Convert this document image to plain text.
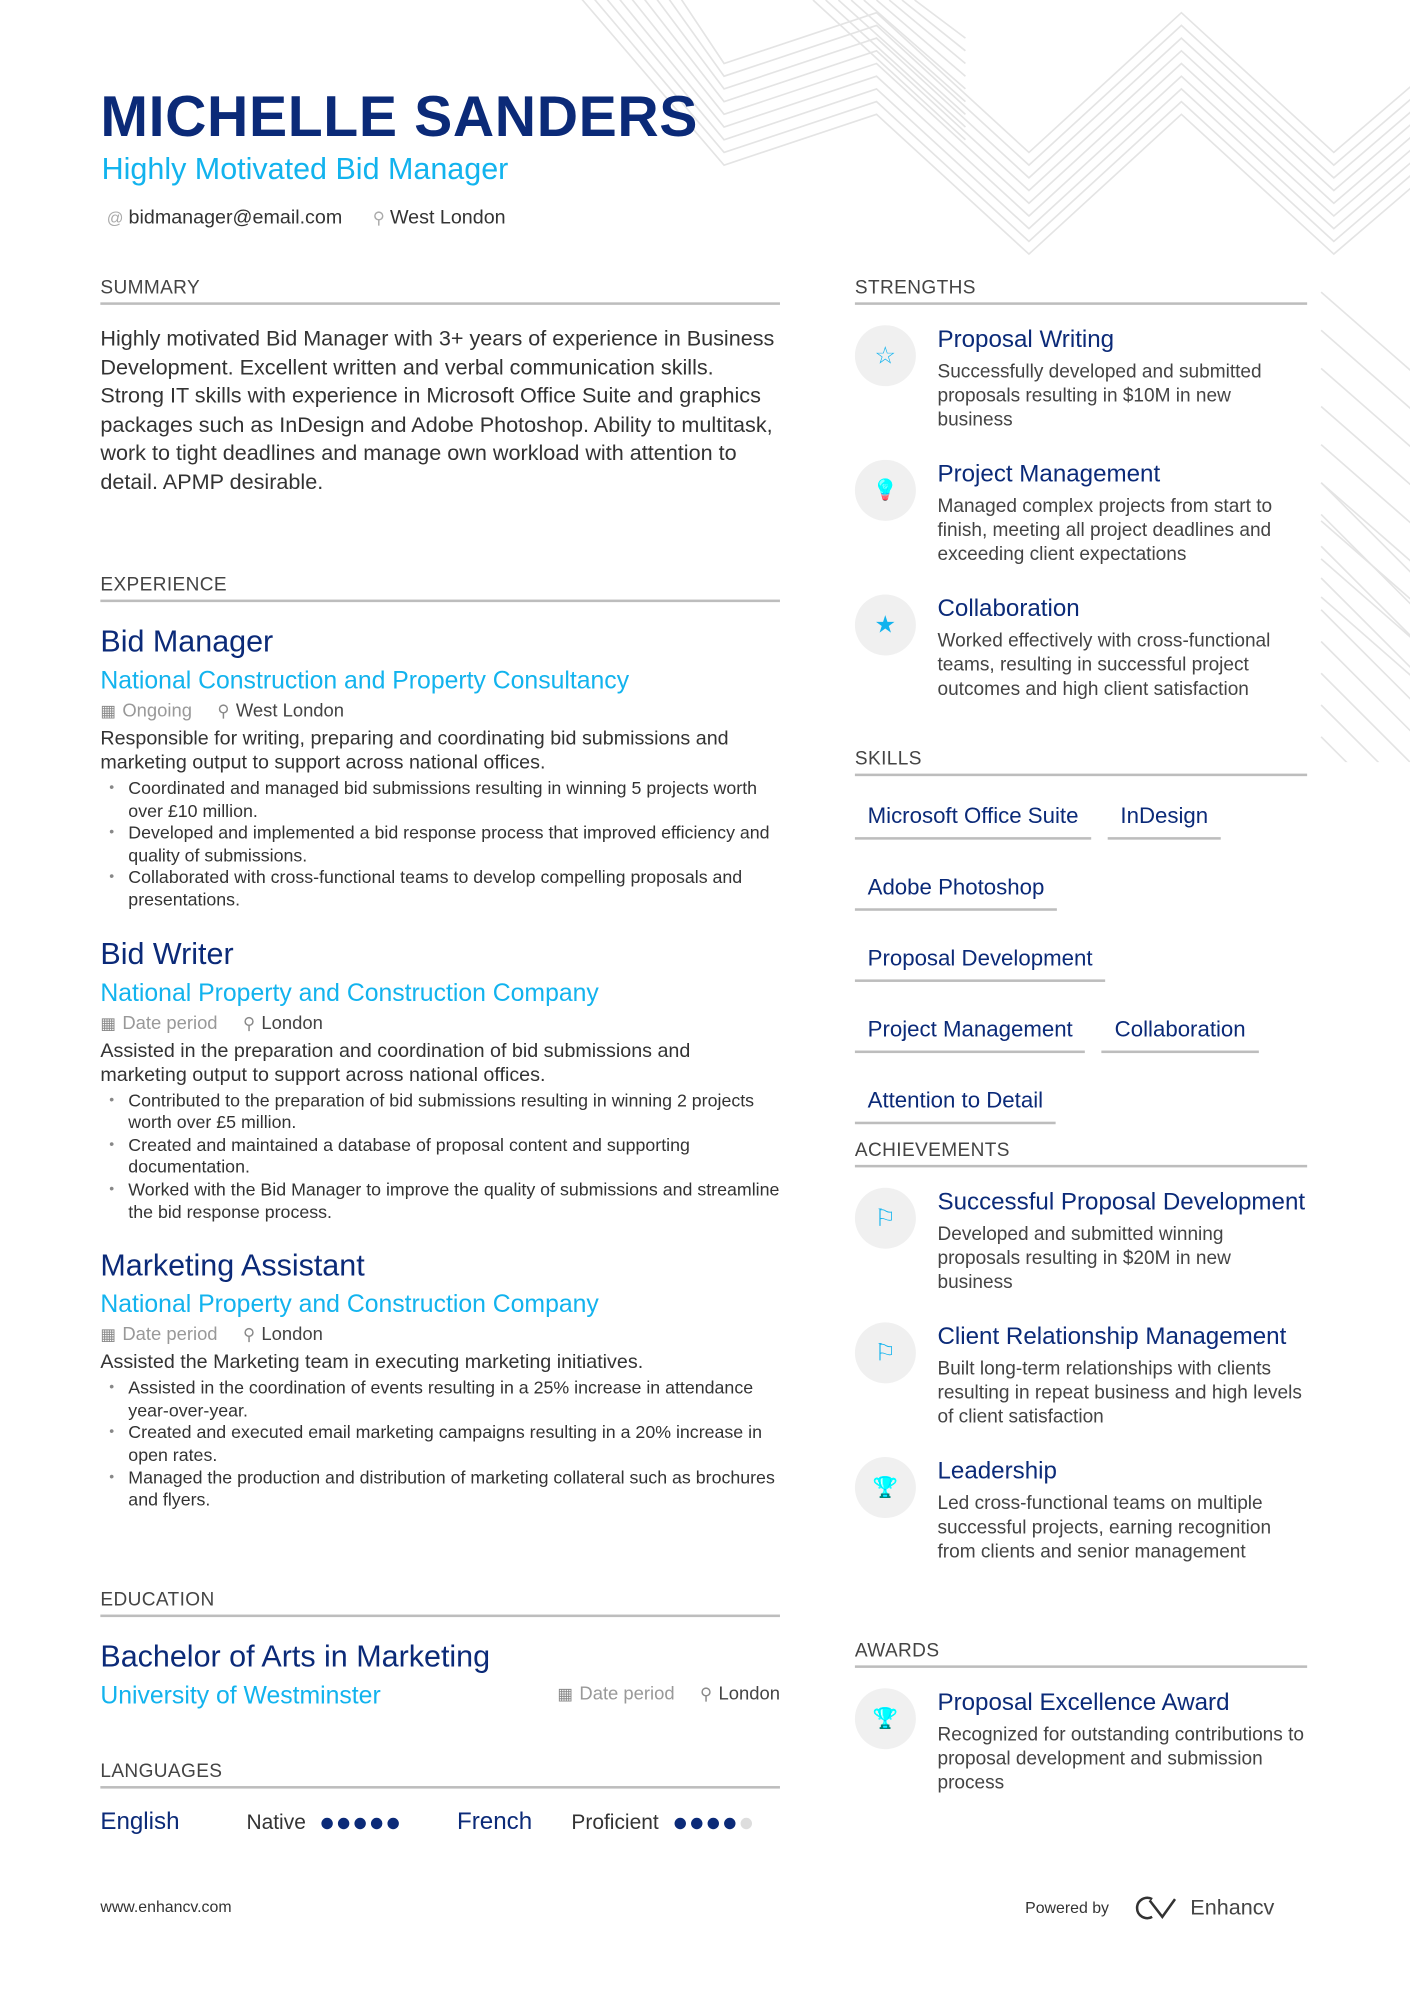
MICHELLE SANDERS
Highly Motivated Bid Manager
@ bidmanager@email.com ⚲ West London
SUMMARY
Highly motivated Bid Manager with 3+ years of experience in Business Development. Excellent written and verbal communication skills. Strong IT skills with experience in Microsoft Office Suite and graphics packages such as InDesign and Adobe Photoshop. Ability to multitask, work to tight deadlines and manage own workload with attention to detail. APMP desirable.
EXPERIENCE
Bid Manager
National Construction and Property Consultancy
▦ Ongoing ⚲ West London
Responsible for writing, preparing and coordinating bid submissions and marketing output to support across national offices.
• Coordinated and managed bid submissions resulting in winning 5 projects worth over £10 million.
• Developed and implemented a bid response process that improved efficiency and quality of submissions.
• Collaborated with cross-functional teams to develop compelling proposals and presentations.
Bid Writer
National Property and Construction Company
▦ Date period ⚲ London
Assisted in the preparation and coordination of bid submissions and marketing output to support across national offices.
• Contributed to the preparation of bid submissions resulting in winning 2 projects worth over £5 million.
• Created and maintained a database of proposal content and supporting documentation.
• Worked with the Bid Manager to improve the quality of submissions and streamline the bid response process.
Marketing Assistant
National Property and Construction Company
▦ Date period ⚲ London
Assisted the Marketing team in executing marketing initiatives.
• Assisted in the coordination of events resulting in a 25% increase in attendance year-over-year.
• Created and executed email marketing campaigns resulting in a 20% increase in open rates.
• Managed the production and distribution of marketing collateral such as brochures and flyers.
EDUCATION
Bachelor of Arts in Marketing
University of Westminster	▦ Date period ⚲ London
LANGUAGES
English	Native	French	Proficient
STRENGTHS
☆
Proposal Writing
Successfully developed and submitted proposals resulting in $10M in new business
💡
Project Management
Managed complex projects from start to finish, meeting all project deadlines and exceeding client expectations
★
Collaboration
Worked effectively with cross-functional teams, resulting in successful project outcomes and high client satisfaction
SKILLS
Microsoft Office Suite	InDesign
Adobe Photoshop
Proposal Development
Project Management	Collaboration
Attention to Detail
ACHIEVEMENTS
⚐
Successful Proposal Development
Developed and submitted winning proposals resulting in $20M in new business
⚐
Client Relationship Management
Built long-term relationships with clients resulting in repeat business and high levels of client satisfaction
🏆
Leadership
Led cross-functional teams on multiple successful projects, earning recognition from clients and senior management
AWARDS
🏆
Proposal Excellence Award
Recognized for outstanding contributions to proposal development and submission process
www.enhancv.com	Powered by	Enhancv
